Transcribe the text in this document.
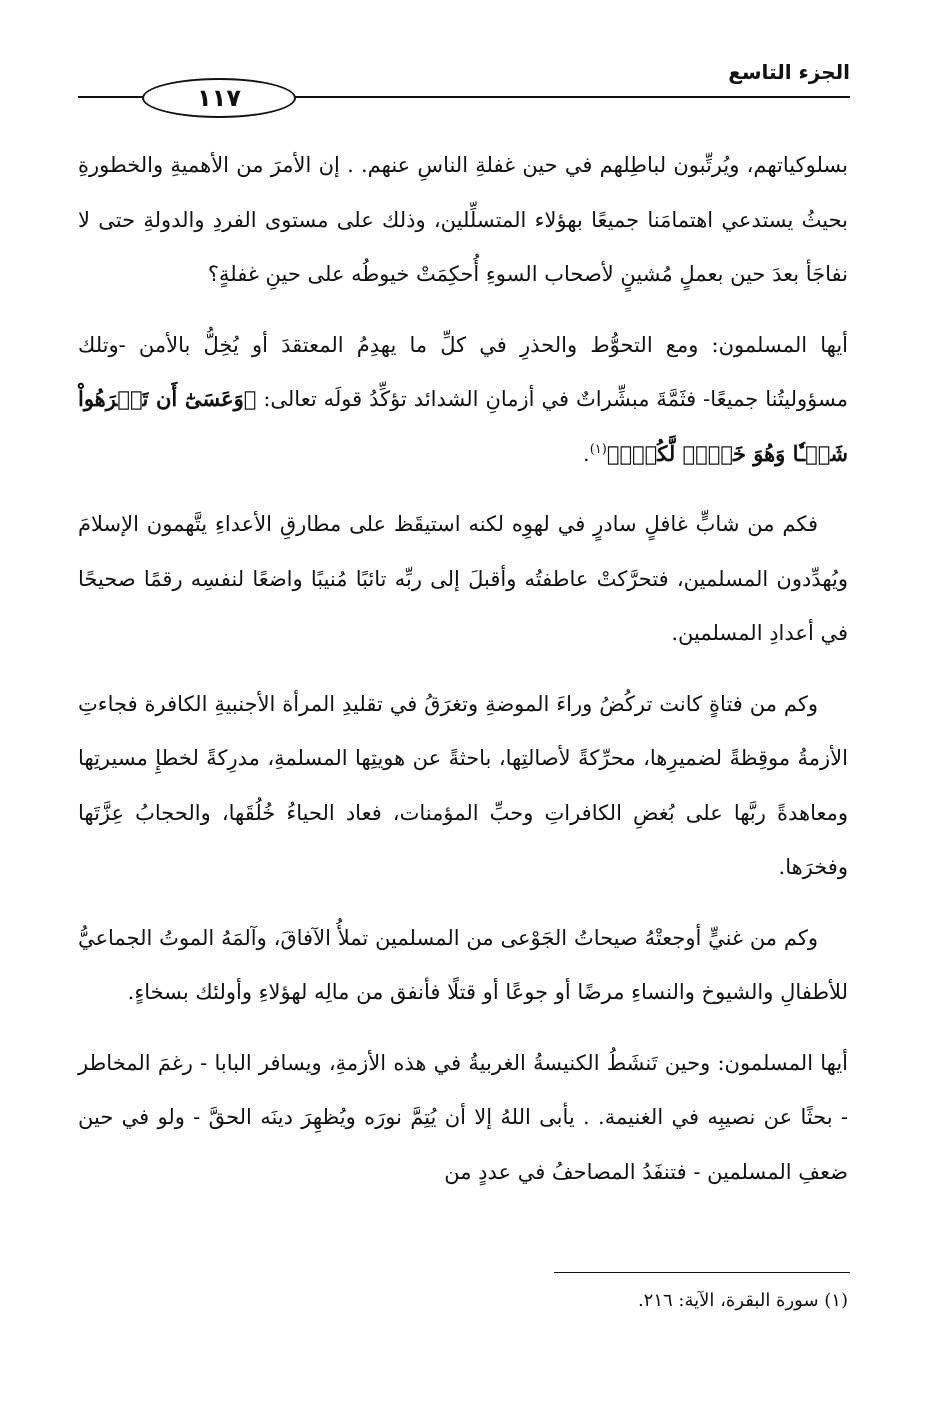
الجزء التاسع
١١٧

بسلوكياتهم، ويُرتِّبون لباطِلهم في حين غفلةِ الناسِ عنهم. . إن الأمرَ من الأهميةِ والخطورةِ بحيثُ يستدعي اهتمامَنا جميعًا بهؤلاء المتسلِّلين، وذلك على مستوى الفردِ والدولةِ حتى لا نفاجَأ بعدَ حين بعملٍ مُشينٍ لأصحاب السوءِ أُحكِمَتْ خيوطُه على حينِ غفلةٍ؟

أيها المسلمون: ومع التحوُّط والحذرِ في كلِّ ما يهدِمُ المعتقدَ أو يُخِلُّ بالأمن -وتلك مسؤوليتُنا جميعًا- فثَمَّةَ مبشِّراتٌ في أزمانِ الشدائد تؤكِّدُ قولَه تعالى: ﴿وَعَسَىٰٓ أَن تَكۡرَهُواْ شَيۡـٔٗا وَهُوَ خَيۡرٞ لَّكُمۡۖ﴾$^{(١)}$.

فكم من شابٍّ غافلٍ سادرٍ في لهوِه لكنه استيقَظ على مطارقِ الأعداءِ يتَّهمون الإسلامَ ويُهدِّدون المسلمين، فتحرَّكتْ عاطفتُه وأقبلَ إلى ربِّه تائبًا مُنيبًا واضعًا لنفسِه رقمًا صحيحًا في أعدادِ المسلمين.

وكم من فتاةٍ كانت تركُضُ وراءَ الموضةِ وتغرَقُ في تقليدِ المرأة الأجنبيةِ الكافرة فجاءتِ الأزمةُ موقِظةً لضميرِها، محرِّكةً لأصالتِها، باحثةً عن هويتِها المسلمةِ، مدرِكةً لخطإِ مسيرتِها ومعاهدةً ربَّها على بُغضِ الكافراتِ وحبِّ المؤمنات، فعاد الحياءُ خُلُقَها، والحجابُ عِزَّتَها وفخرَها.

وكم من غنيٍّ أوجعتْهُ صيحاتُ الجَوْعى من المسلمين تملأُ الآفاقَ، وآلمَهُ الموتُ الجماعيُّ للأطفالِ والشيوخ والنساءِ مرضًا أو جوعًا أو قتلًا فأنفق من مالِه لهؤلاءِ وأولئك بسخاءٍ.

أيها المسلمون: وحين تَنشَطُ الكنيسةُ الغربيةُ في هذه الأزمةِ، ويسافر البابا - رغمَ المخاطر - بحثًا عن نصيبِه في الغنيمة. . يأبى اللهُ إلا أن يُتِمَّ نورَه ويُظهِرَ دينَه الحقَّ - ولو في حين ضعفِ المسلمين - فتنفَدُ المصاحفُ في عددٍ من

(١) سورة البقرة، الآية: ٢١٦.
